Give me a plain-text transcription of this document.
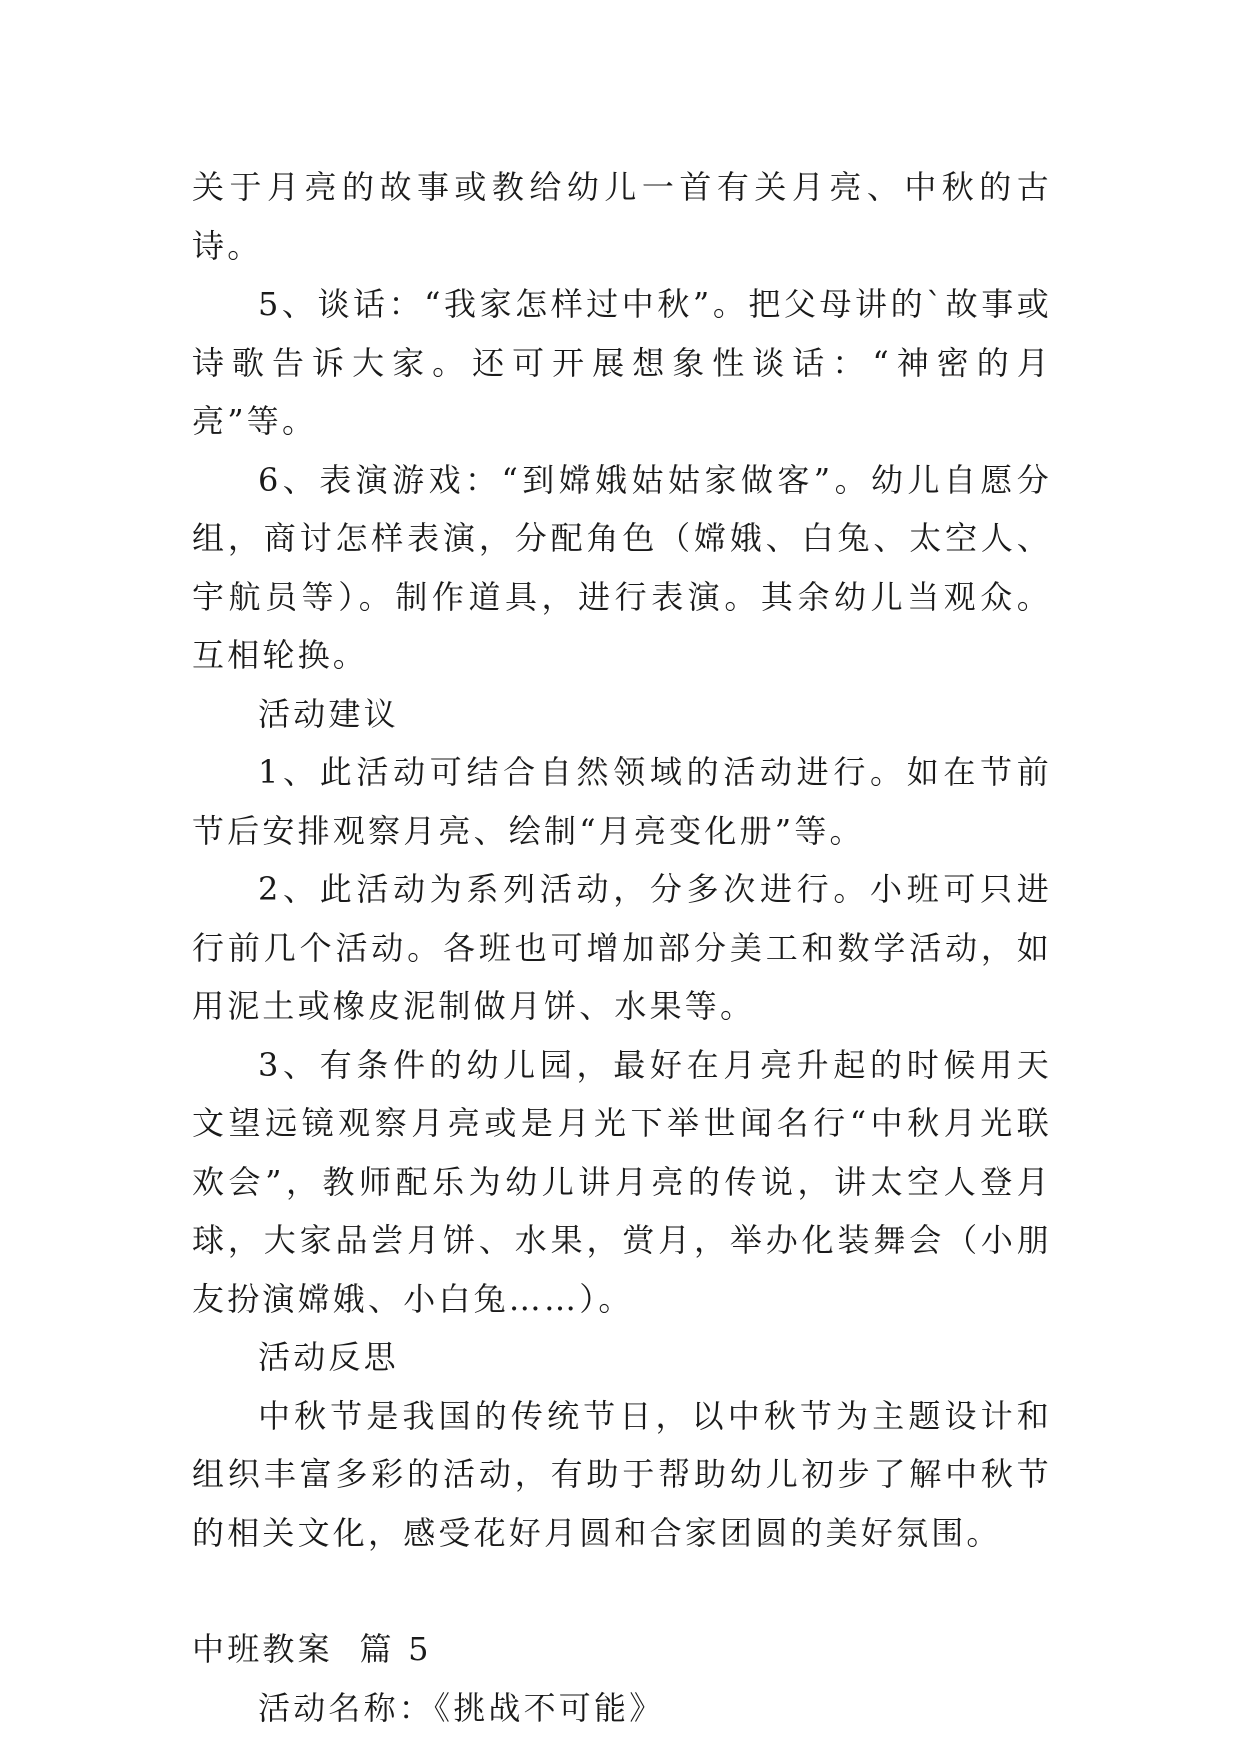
关于月亮的故事或教给幼儿一首有关月亮、中秋的古诗。

5、谈话：“我家怎样过中秋”。把父母讲的`故事或诗歌告诉大家。还可开展想象性谈话：“神密的月亮”等。

6、表演游戏：“到嫦娥姑姑家做客”。幼儿自愿分组，商讨怎样表演，分配角色（嫦娥、白兔、太空人、宇航员等）。制作道具，进行表演。其余幼儿当观众。互相轮换。

活动建议

1、此活动可结合自然领域的活动进行。如在节前节后安排观察月亮、绘制“月亮变化册”等。

2、此活动为系列活动，分多次进行。小班可只进行前几个活动。各班也可增加部分美工和数学活动，如用泥土或橡皮泥制做月饼、水果等。

3、有条件的幼儿园，最好在月亮升起的时候用天文望远镜观察月亮或是月光下举世闻名行“中秋月光联欢会”，教师配乐为幼儿讲月亮的传说，讲太空人登月球，大家品尝月饼、水果，赏月，举办化装舞会（小朋友扮演嫦娥、小白兔……）。

活动反思

中秋节是我国的传统节日，以中秋节为主题设计和组织丰富多彩的活动，有助于帮助幼儿初步了解中秋节的相关文化，感受花好月圆和合家团圆的美好氛围。

中班教案  篇 5

活动名称：《挑战不可能》
